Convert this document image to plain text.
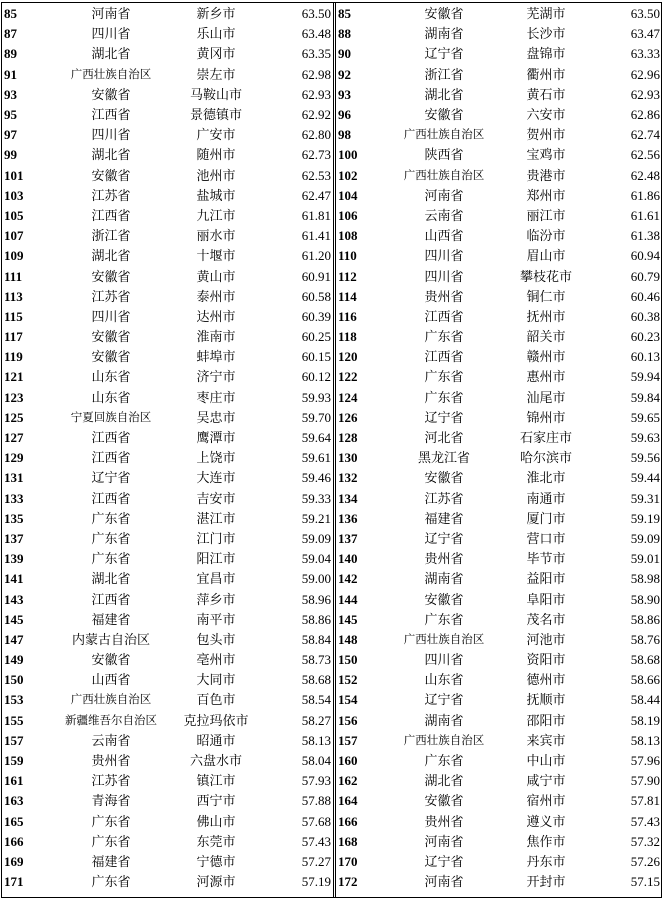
85	河南省	新乡市	63.50
87	四川省	乐山市	63.48
89	湖北省	黄冈市	63.35
91	广西壮族自治区	崇左市	62.98
93	安徽省	马鞍山市	62.93
95	江西省	景德镇市	62.92
97	四川省	广安市	62.80
99	湖北省	随州市	62.73
101	安徽省	池州市	62.53
103	江苏省	盐城市	62.47
105	江西省	九江市	61.81
107	浙江省	丽水市	61.41
109	湖北省	十堰市	61.20
111	安徽省	黄山市	60.91
113	江苏省	泰州市	60.58
115	四川省	达州市	60.39
117	安徽省	淮南市	60.25
119	安徽省	蚌埠市	60.15
121	山东省	济宁市	60.12
123	山东省	枣庄市	59.93
125	宁夏回族自治区	吴忠市	59.70
127	江西省	鹰潭市	59.64
129	江西省	上饶市	59.61
131	辽宁省	大连市	59.46
133	江西省	吉安市	59.33
135	广东省	湛江市	59.21
137	广东省	江门市	59.09
139	广东省	阳江市	59.04
141	湖北省	宜昌市	59.00
143	江西省	萍乡市	58.96
145	福建省	南平市	58.86
147	内蒙古自治区	包头市	58.84
149	安徽省	亳州市	58.73
150	山西省	大同市	58.68
153	广西壮族自治区	百色市	58.54
155	新疆维吾尔自治区	克拉玛依市	58.27
157	云南省	昭通市	58.13
159	贵州省	六盘水市	58.04
161	江苏省	镇江市	57.93
163	青海省	西宁市	57.88
165	广东省	佛山市	57.68
166	广东省	东莞市	57.43
169	福建省	宁德市	57.27
171	广东省	河源市	57.19
85	安徽省	芜湖市	63.50
88	湖南省	长沙市	63.47
90	辽宁省	盘锦市	63.33
92	浙江省	衢州市	62.96
93	湖北省	黄石市	62.93
96	安徽省	六安市	62.86
98	广西壮族自治区	贺州市	62.74
100	陕西省	宝鸡市	62.56
102	广西壮族自治区	贵港市	62.48
104	河南省	郑州市	61.86
106	云南省	丽江市	61.61
108	山西省	临汾市	61.38
110	四川省	眉山市	60.94
112	四川省	攀枝花市	60.79
114	贵州省	铜仁市	60.46
116	江西省	抚州市	60.38
118	广东省	韶关市	60.23
120	江西省	赣州市	60.13
122	广东省	惠州市	59.94
124	广东省	汕尾市	59.84
126	辽宁省	锦州市	59.65
128	河北省	石家庄市	59.63
130	黑龙江省	哈尔滨市	59.56
132	安徽省	淮北市	59.44
134	江苏省	南通市	59.31
136	福建省	厦门市	59.19
137	辽宁省	营口市	59.09
140	贵州省	毕节市	59.01
142	湖南省	益阳市	58.98
144	安徽省	阜阳市	58.90
145	广东省	茂名市	58.86
148	广西壮族自治区	河池市	58.76
150	四川省	资阳市	58.68
152	山东省	德州市	58.66
154	辽宁省	抚顺市	58.44
156	湖南省	邵阳市	58.19
157	广西壮族自治区	来宾市	58.13
160	广东省	中山市	57.96
162	湖北省	咸宁市	57.90
164	安徽省	宿州市	57.81
166	贵州省	遵义市	57.43
168	河南省	焦作市	57.32
170	辽宁省	丹东市	57.26
172	河南省	开封市	57.15
